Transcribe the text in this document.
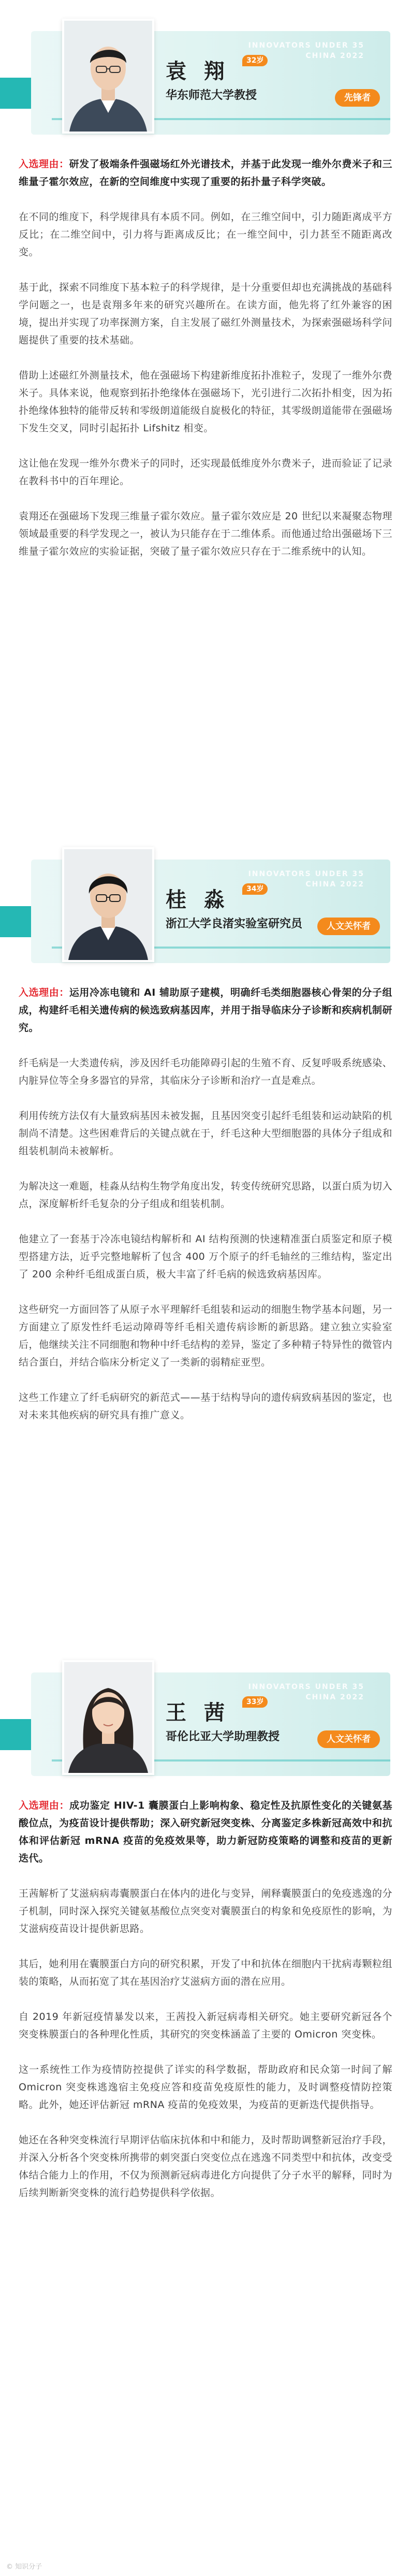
INNOVATORS UNDER 35
CHINA 2022
袁 翔	32岁
华东师范大学教授	先锋者

入选理由：研发了极端条件强磁场红外光谱技术，并基于此发现一维外尔费米子和三维量子霍尔效应，在新的空间维度中实现了重要的拓扑量子科学突破。

在不同的维度下，科学规律具有本质不同。例如，在三维空间中，引力随距离成平方反比；在二维空间中，引力将与距离成反比；在一维空间中，引力甚至不随距离改变。

基于此，探索不同维度下基本粒子的科学规律，是十分重要但却也充满挑战的基础科学问题之一，也是袁翔多年来的研究兴趣所在。在读方面，他先将了红外兼容的困境，提出并实现了功率探测方案，自主发展了磁红外测量技术，为探索强磁场科学问题提供了重要的技术基础。

借助上述磁红外测量技术，他在强磁场下构建新维度拓扑准粒子，发现了一维外尔费米子。具体来说，他观察到拓扑绝缘体在强磁场下，光引进行二次拓扑相变，因为拓扑绝缘体独特的能带反转和零级朗道能级自旋极化的特征，其零级朗道能带在强磁场下发生交叉，同时引起拓扑 Lifshitz 相变。

这让他在发现一维外尔费米子的同时，还实现最低维度外尔费米子，进而验证了记录在教科书中的百年理论。

袁翔还在强磁场下发现三维量子霍尔效应。量子霍尔效应是 20 世纪以来凝聚态物理领域最重要的科学发现之一，被认为只能存在于二维体系。而他通过给出强磁场下三维量子霍尔效应的实验证据，突破了量子霍尔效应只存在于二维系统中的认知。

INNOVATORS UNDER 35
CHINA 2022
桂 淼	34岁
浙江大学良渚实验室研究员	人文关怀者

入选理由：运用冷冻电镜和 AI 辅助原子建模，明确纤毛类细胞器核心骨架的分子组成，构建纤毛相关遗传病的候选致病基因库，并用于指导临床分子诊断和疾病机制研究。

纤毛病是一大类遗传病，涉及因纤毛功能障碍引起的生殖不育、反复呼吸系统感染、内脏异位等全身多器官的异常，其临床分子诊断和治疗一直是难点。

利用传统方法仅有大量致病基因未被发掘，且基因突变引起纤毛组装和运动缺陷的机制尚不清楚。这些困难背后的关键点就在于，纤毛这种大型细胞器的具体分子组成和组装机制尚未被解析。

为解决这一难题，桂淼从结构生物学角度出发，转变传统研究思路，以蛋白质为切入点，深度解析纤毛复杂的分子组成和组装机制。

他建立了一套基于冷冻电镜结构解析和 AI 结构预测的快速精准蛋白质鉴定和原子模型搭建方法，近乎完整地解析了包含 400 万个原子的纤毛轴丝的三维结构，鉴定出了 200 余种纤毛组成蛋白质，极大丰富了纤毛病的候选致病基因库。

这些研究一方面回答了从原子水平理解纤毛组装和运动的细胞生物学基本问题，另一方面建立了原发性纤毛运动障碍等纤毛相关遗传病诊断的新思路。建立独立实验室后，他继续关注不同细胞和物种中纤毛结构的差异，鉴定了多种精子特异性的微管内结合蛋白，并结合临床分析定义了一类新的弱精症亚型。

这些工作建立了纤毛病研究的新范式——基于结构导向的遗传病致病基因的鉴定，也对未来其他疾病的研究具有推广意义。

INNOVATORS UNDER 35
CHINA 2022
王 茜	33岁
哥伦比亚大学助理教授	人文关怀者

入选理由：成功鉴定 HIV-1 囊膜蛋白上影响构象、稳定性及抗原性变化的关键氨基酸位点，为疫苗设计提供帮助；深入研究新冠突变株、分离鉴定多株新冠高效中和抗体和评估新冠 mRNA 疫苗的免疫效果等，助力新冠防疫策略的调整和疫苗的更新迭代。

王茜解析了艾滋病病毒囊膜蛋白在体内的进化与变异，阐释囊膜蛋白的免疫逃逸的分子机制，同时深入探究关键氨基酸位点突变对囊膜蛋白的构象和免疫原性的影响，为艾滋病疫苗设计提供新思路。

其后，她利用在囊膜蛋白方向的研究积累，开发了中和抗体在细胞内干扰病毒颗粒组装的策略，从而拓宽了其在基因治疗艾滋病方面的潜在应用。

自 2019 年新冠疫情暴发以来，王茜投入新冠病毒相关研究。她主要研究新冠各个突变株膜蛋白的各种理化性质，其研究的突变株涵盖了主要的 Omicron 突变株。

这一系统性工作为疫情防控提供了详实的科学数据，帮助政府和民众第一时间了解 Omicron 突变株逃逸宿主免疫应答和疫苗免疫原性的能力，及时调整疫情防控策略。此外，她还评估新冠 mRNA 疫苗的免疫效果，为疫苗的更新迭代提供指导。

她还在各种突变株流行早期评估临床抗体和中和能力，及时帮助调整新冠治疗手段，并深入分析各个突变株所携带的刺突蛋白突变位点在逃逸不同类型中和抗体，改变受体结合能力上的作用，不仅为预测新冠病毒进化方向提供了分子水平的解释，同时为后续判断新突变株的流行趋势提供科学依据。

© 知识分子
